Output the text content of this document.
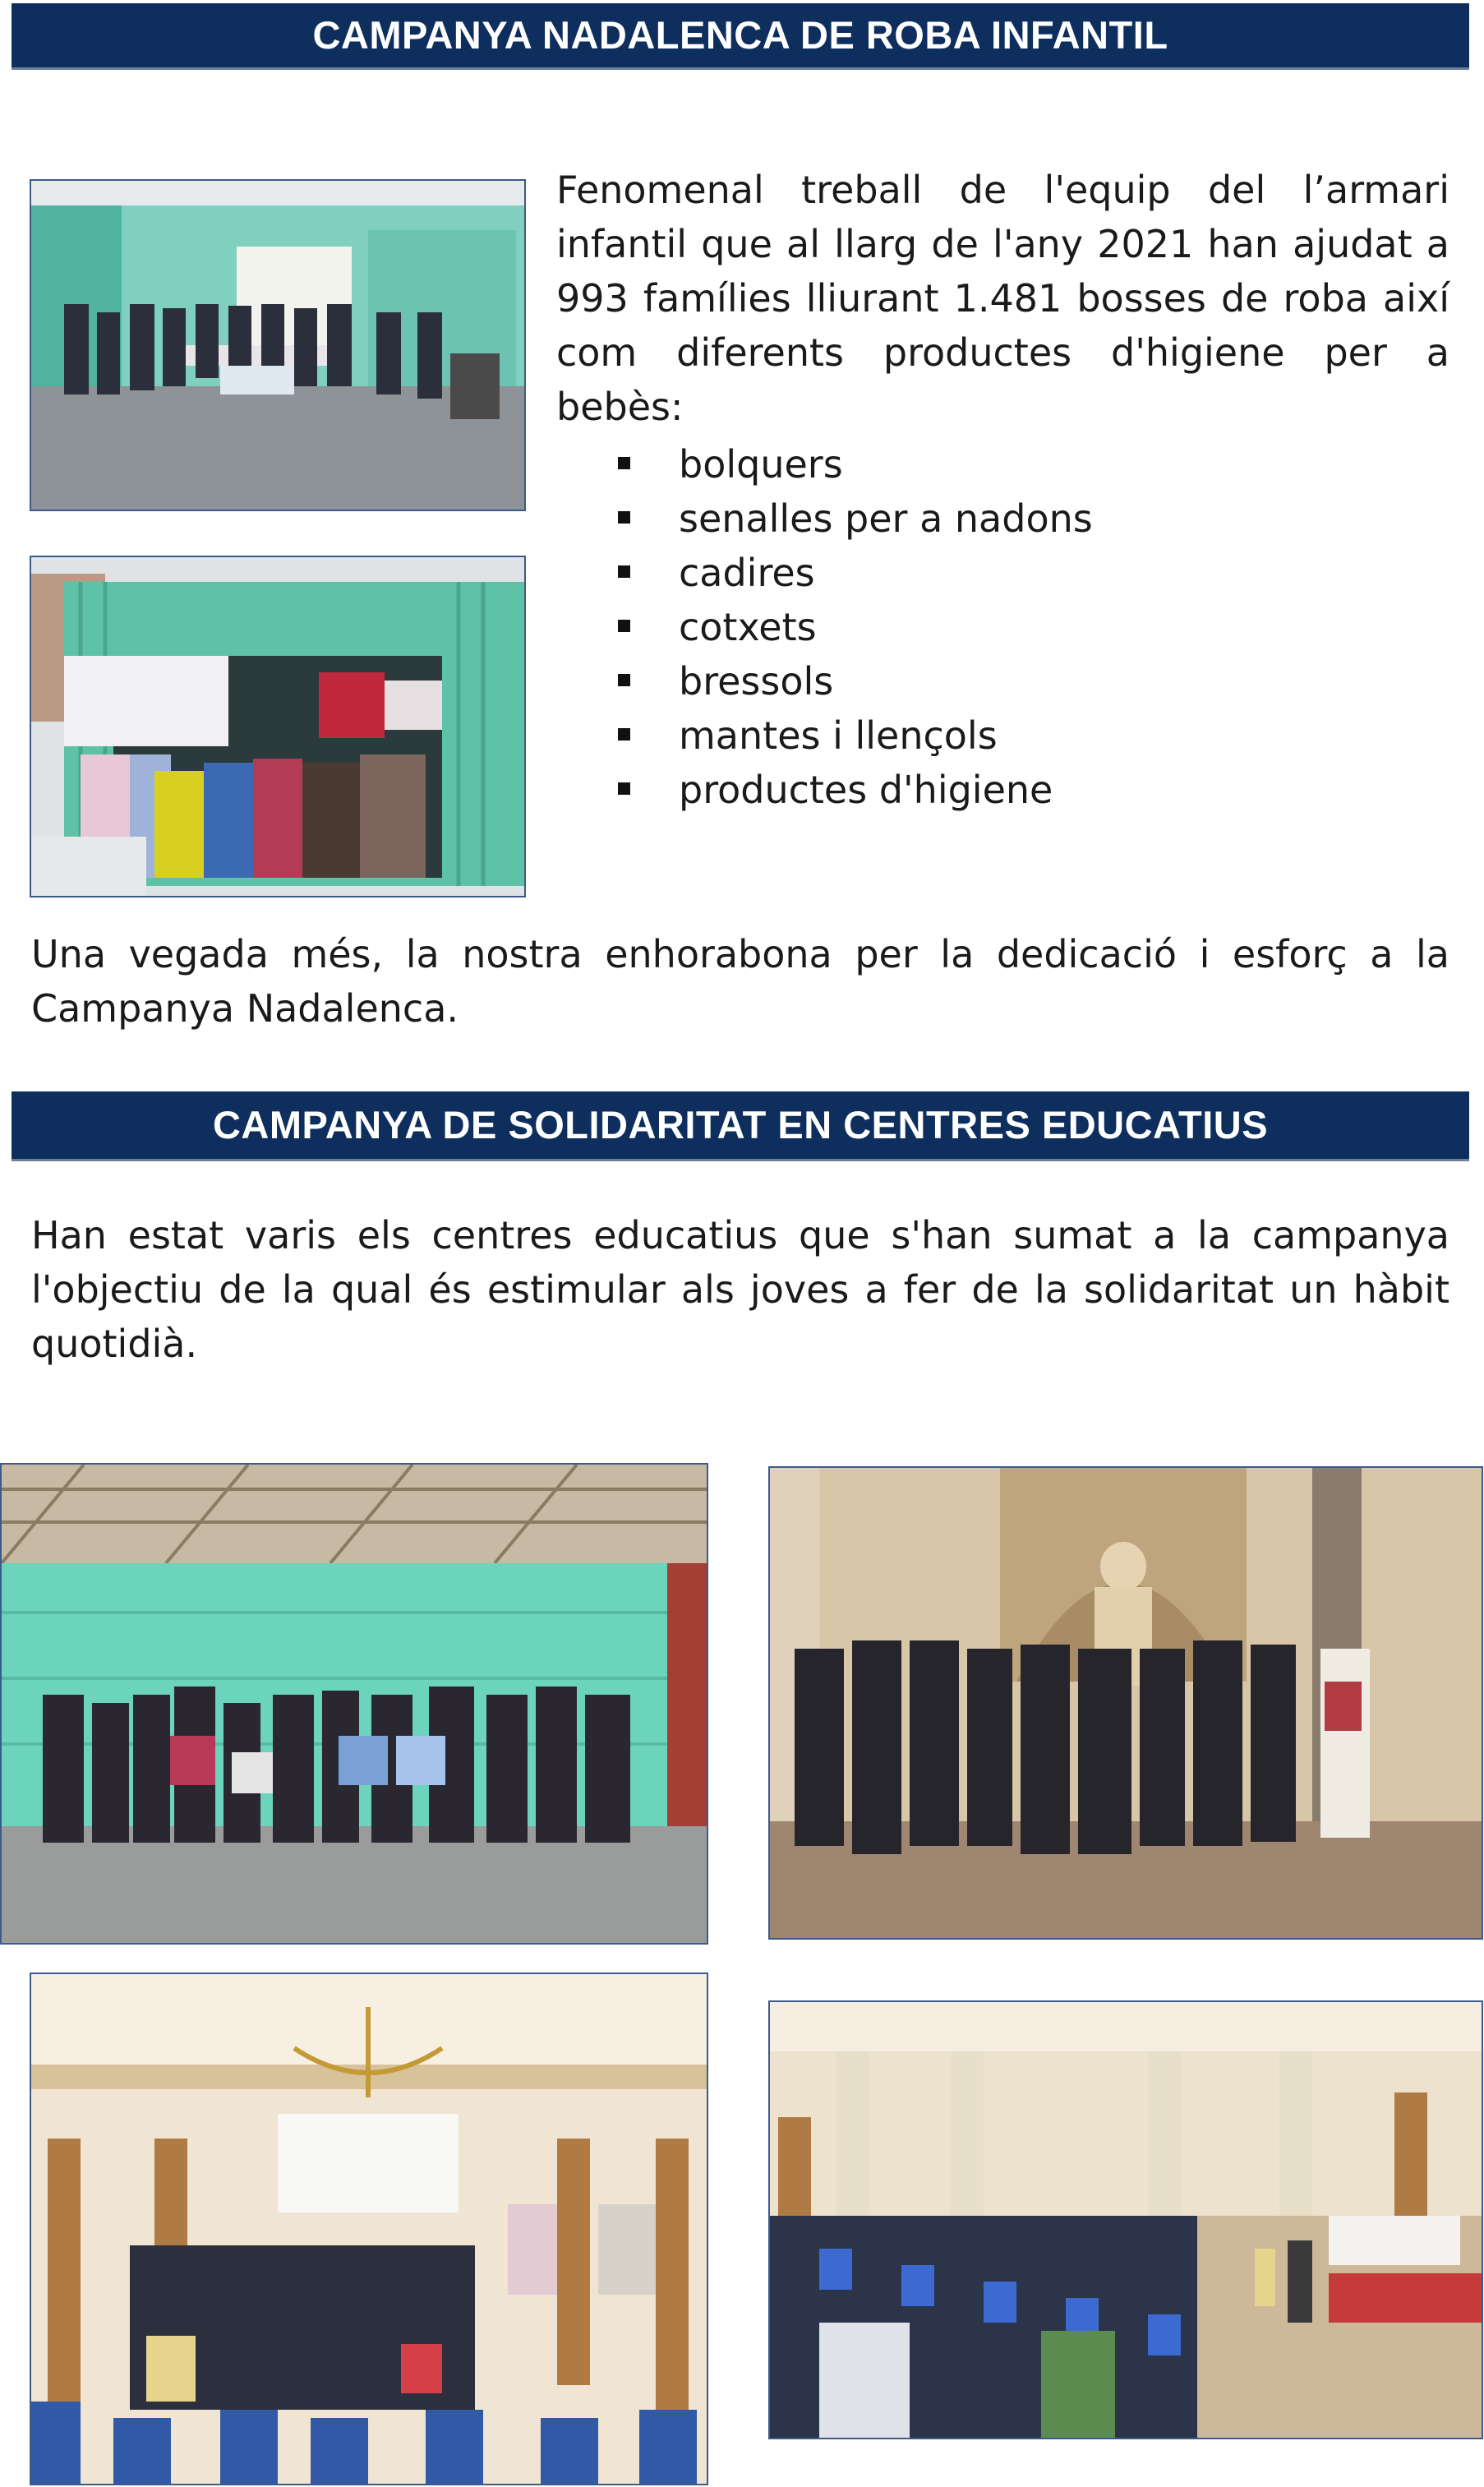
CAMPANYA NADALENCA DE ROBA INFANTIL

Fenomenal treball de l'equip del l’armari infantil que al llarg de l'any 2021 han ajudat a 993 famílies lliurant 1.481 bosses de roba així com diferents productes d'higiene per a bebès:

bolquers
senalles per a nadons
cadires
cotxets
bressols
mantes i llençols
productes d'higiene

Una vegada més, la nostra enhorabona per la dedicació i esforç a la Campanya Nadalenca.

CAMPANYA DE SOLIDARITAT EN CENTRES EDUCATIUS

Han estat varis els centres educatius que s'han sumat a la campanya l'objectiu de la qual és estimular als joves a fer de la solidaritat un hàbit quotidià.
